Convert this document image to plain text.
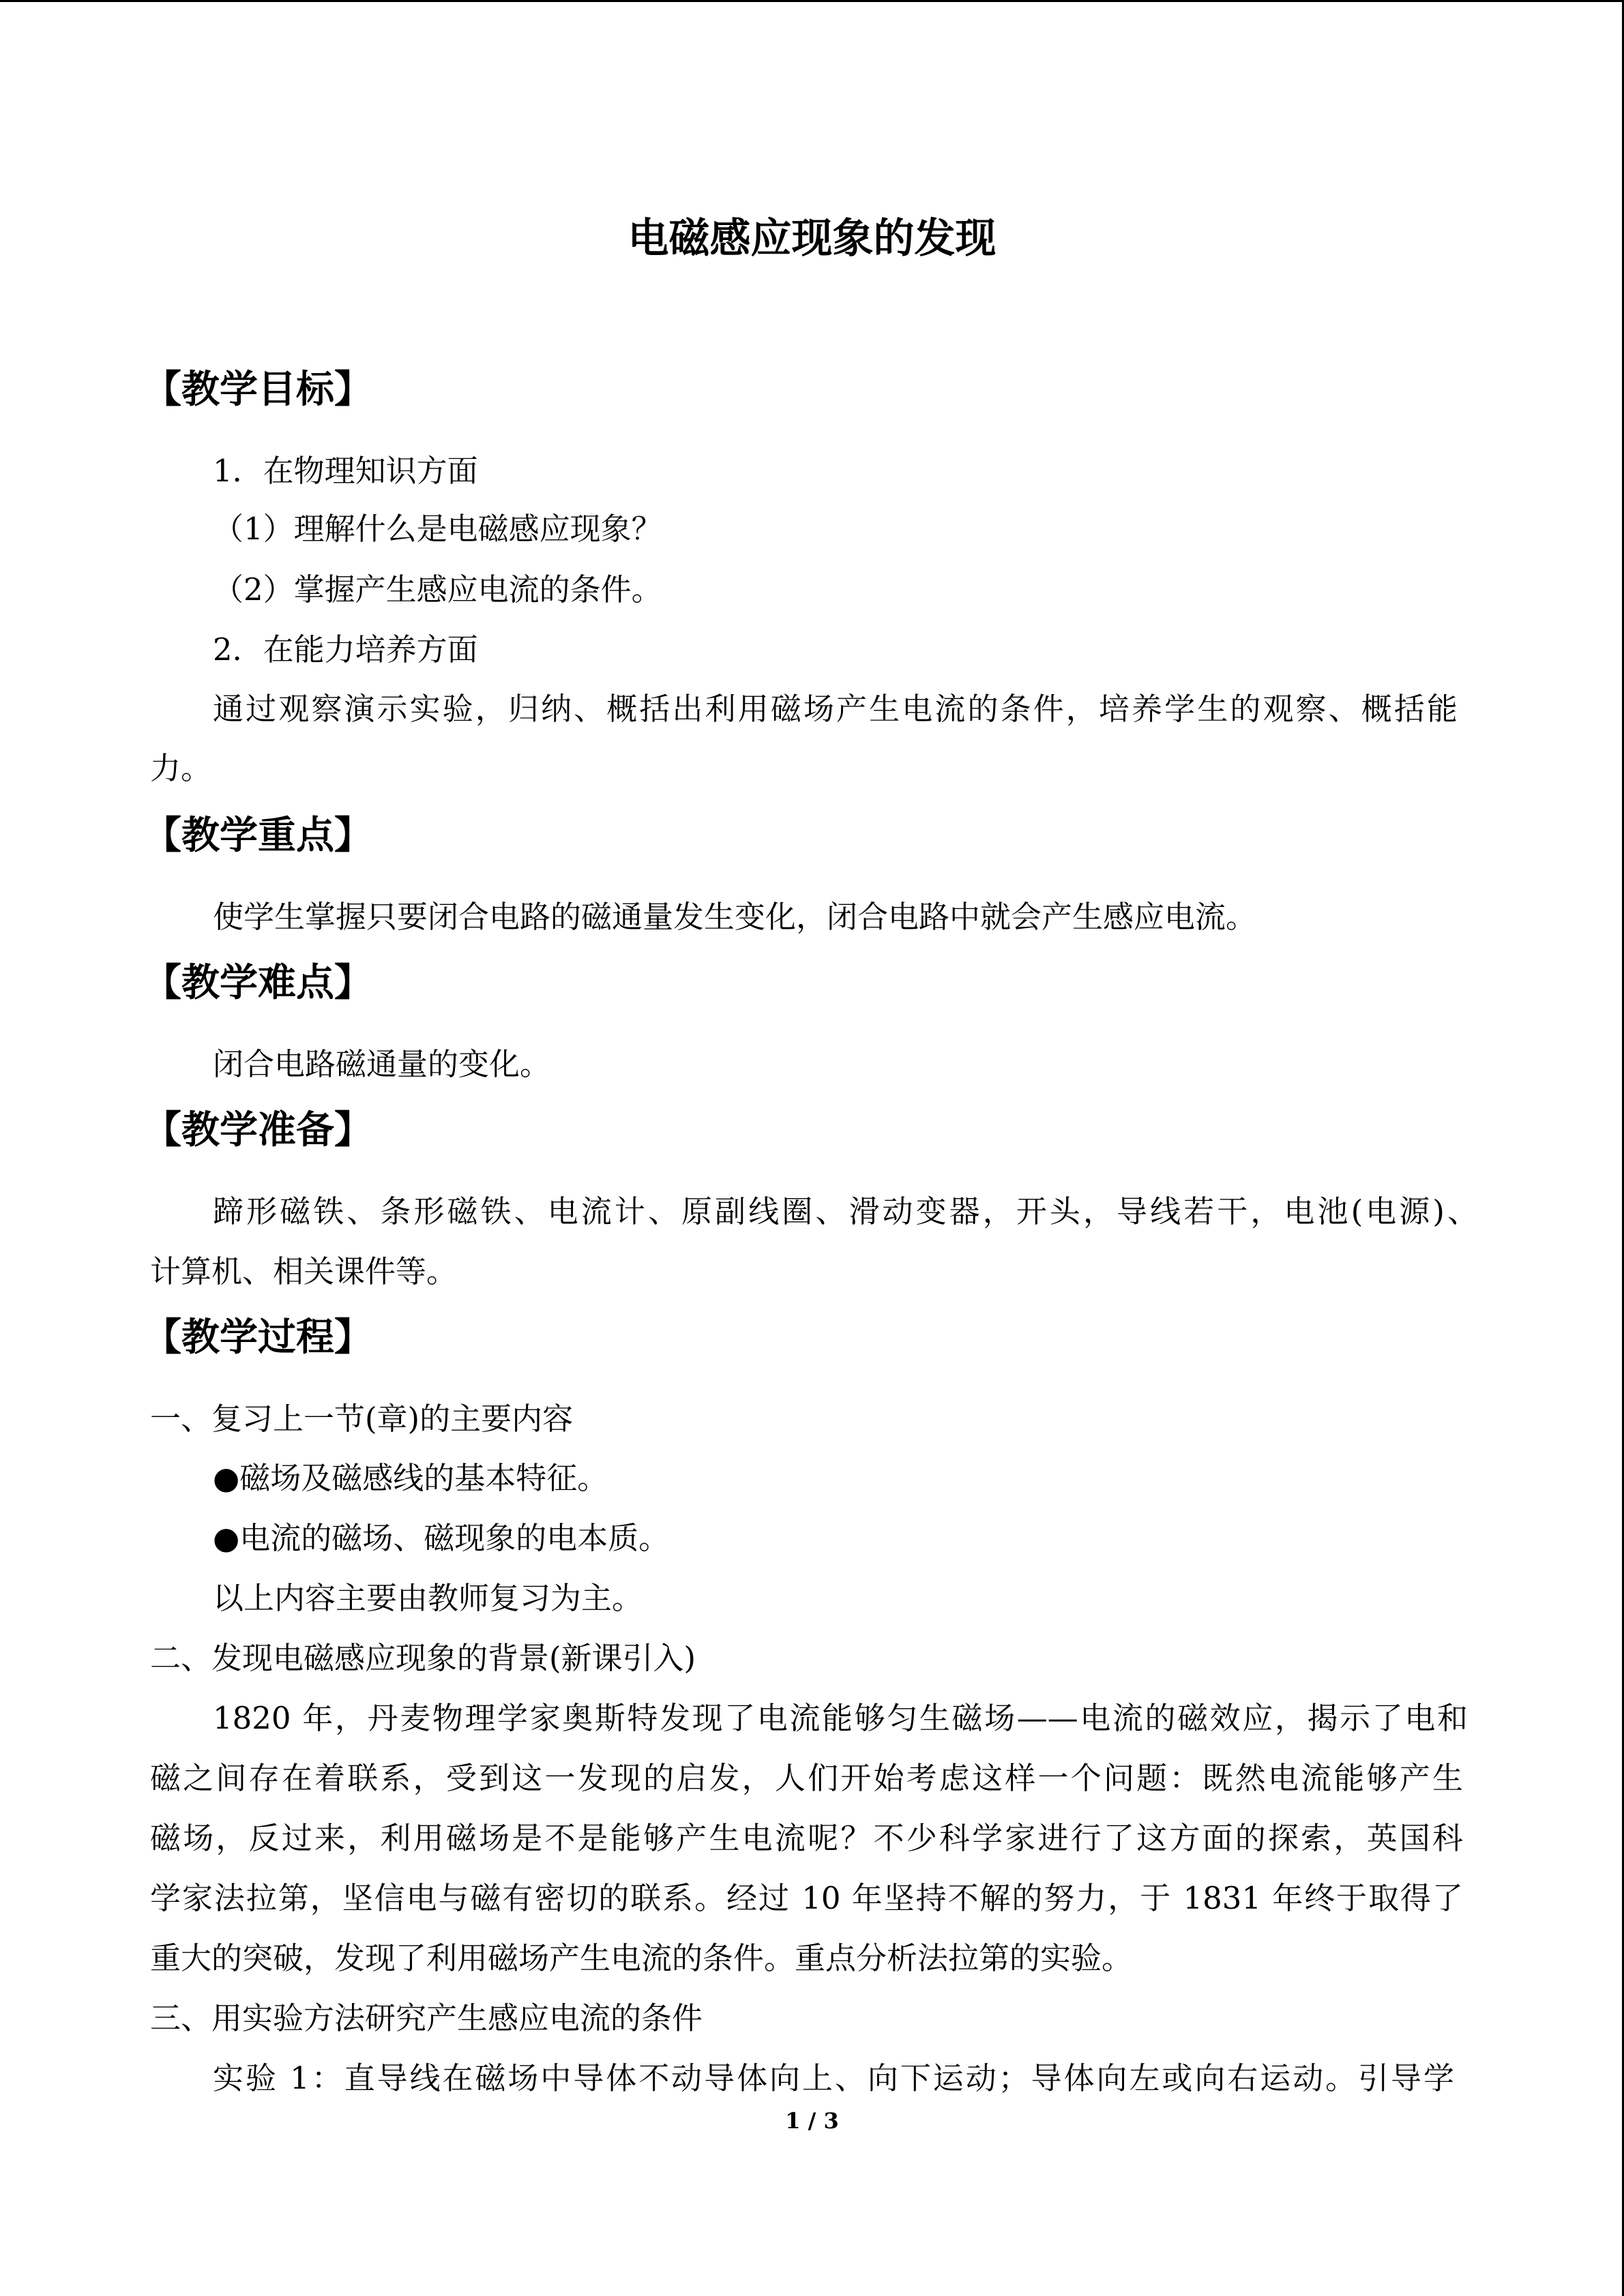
电磁感应现象的发现
【教学目标】

1．在物理知识方面

（1）理解什么是电磁感应现象？

（2）掌握产生感应电流的条件。

2．在能力培养方面

通过观察演示实验，归纳、概括出利用磁场产生电流的条件，培养学生的观察、概括能

力。

【教学重点】

使学生掌握只要闭合电路的磁通量发生变化，闭合电路中就会产生感应电流。

【教学难点】

闭合电路磁通量的变化。

【教学准备】

蹄形磁铁、条形磁铁、电流计、原副线圈、滑动变器，开头，导线若干，电池(电源)、

计算机、相关课件等。

【教学过程】

一、复习上一节(章)的主要内容

●磁场及磁感线的基本特征。

●电流的磁场、磁现象的电本质。

以上内容主要由教师复习为主。

二、发现电磁感应现象的背景(新课引入)

1820 年，丹麦物理学家奥斯特发现了电流能够匀生磁场——电流的磁效应，揭示了电和

磁之间存在着联系，受到这一发现的启发，人们开始考虑这样一个问题：既然电流能够产生

磁场，反过来，利用磁场是不是能够产生电流呢？不少科学家进行了这方面的探索，英国科

学家法拉第，坚信电与磁有密切的联系。经过 10 年坚持不解的努力，于 1831 年终于取得了

重大的突破，发现了利用磁场产生电流的条件。重点分析法拉第的实验。

三、用实验方法研究产生感应电流的条件

实验 1：直导线在磁场中导体不动导体向上、向下运动；导体向左或向右运动。引导学

1 / 3
